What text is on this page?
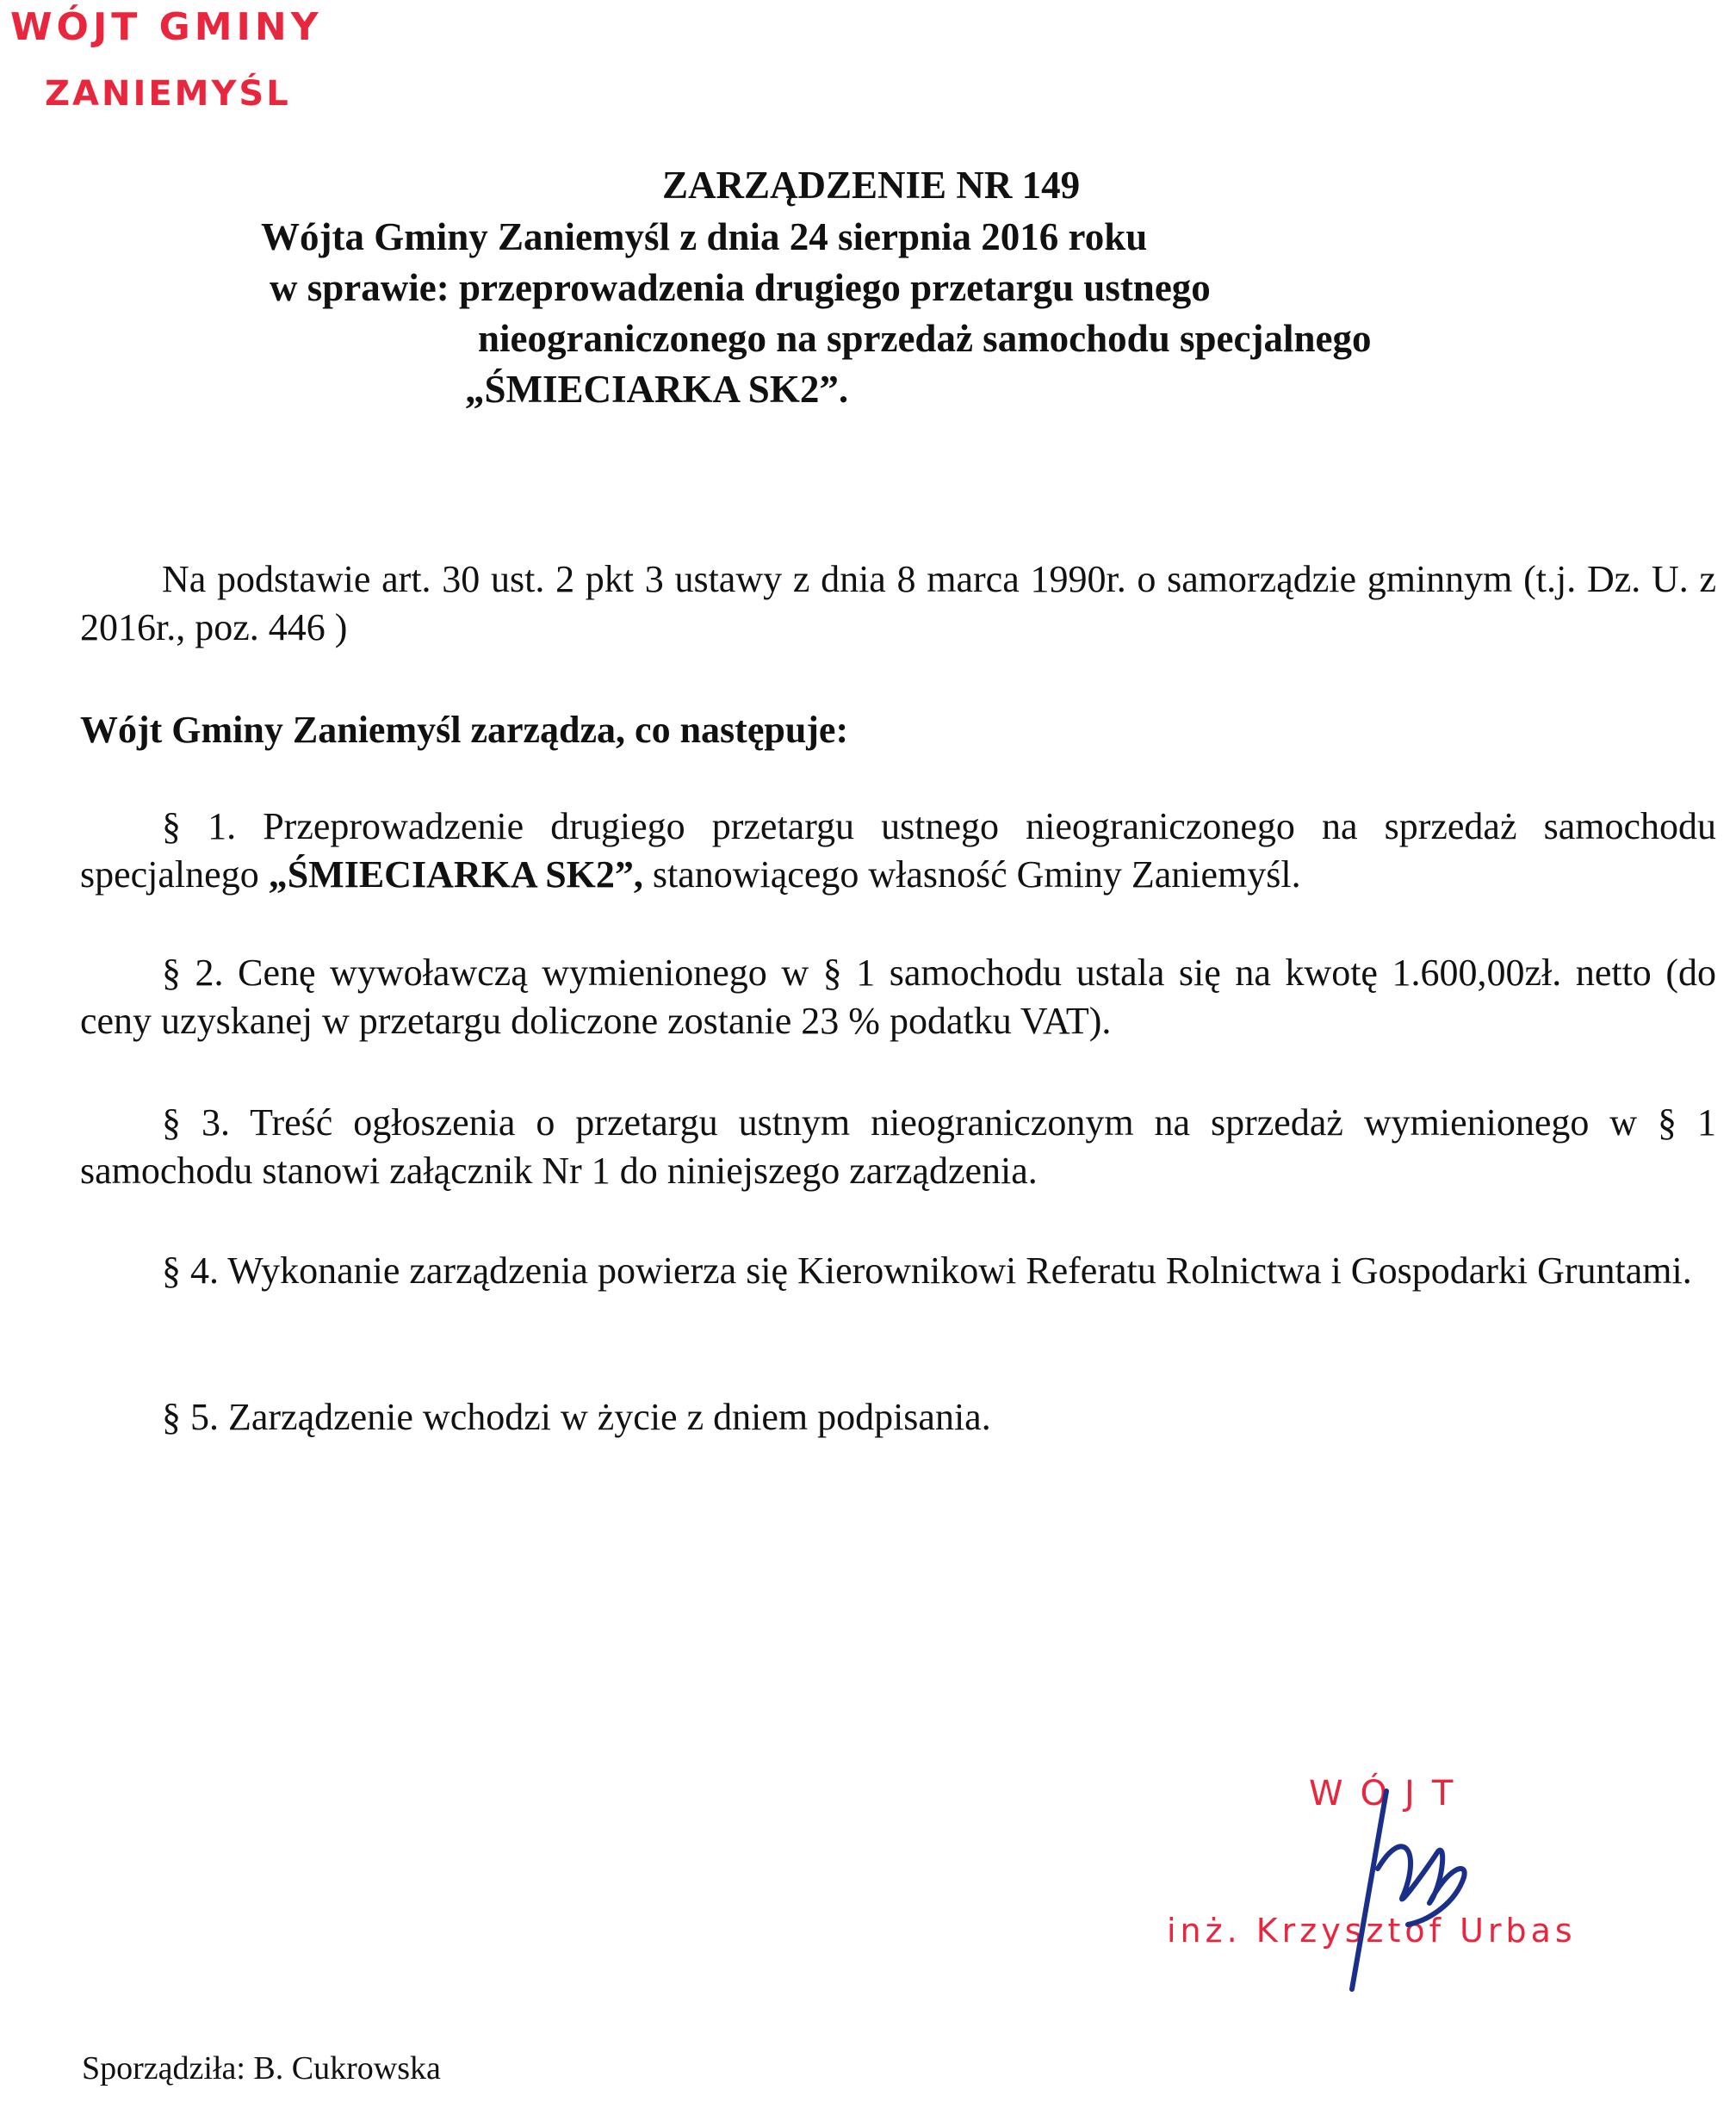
WÓJT GMINY
ZANIEMYŚL
ZARZĄDZENIE NR 149
Wójta Gminy Zaniemyśl z dnia 24 sierpnia 2016 roku
w sprawie: przeprowadzenia drugiego przetargu ustnego
nieograniczonego na sprzedaż samochodu specjalnego
„ŚMIECIARKA SK2”.
Na podstawie art. 30 ust. 2 pkt 3 ustawy z dnia 8 marca 1990r. o samorządzie gminnym (t.j. Dz. U. z 2016r., poz. 446 )
Wójt Gminy Zaniemyśl zarządza, co następuje:
§ 1. Przeprowadzenie drugiego przetargu ustnego nieograniczonego na sprzedaż samochodu specjalnego „ŚMIECIARKA SK2”, stanowiącego własność Gminy Zaniemyśl.
§ 2. Cenę wywoławczą wymienionego w § 1 samochodu ustala się na kwotę 1.600,00zł. netto (do ceny uzyskanej w przetargu doliczone zostanie 23 % podatku VAT).
§ 3. Treść ogłoszenia o przetargu ustnym nieograniczonym na sprzedaż wymienionego w § 1 samochodu stanowi załącznik Nr 1 do niniejszego zarządzenia.
§ 4. Wykonanie zarządzenia powierza się Kierownikowi Referatu Rolnictwa i Gospodarki Gruntami.
§ 5. Zarządzenie wchodzi w życie z dniem podpisania.
WÓJT
inż. Krzysztof Urbas
Sporządziła: B. Cukrowska
